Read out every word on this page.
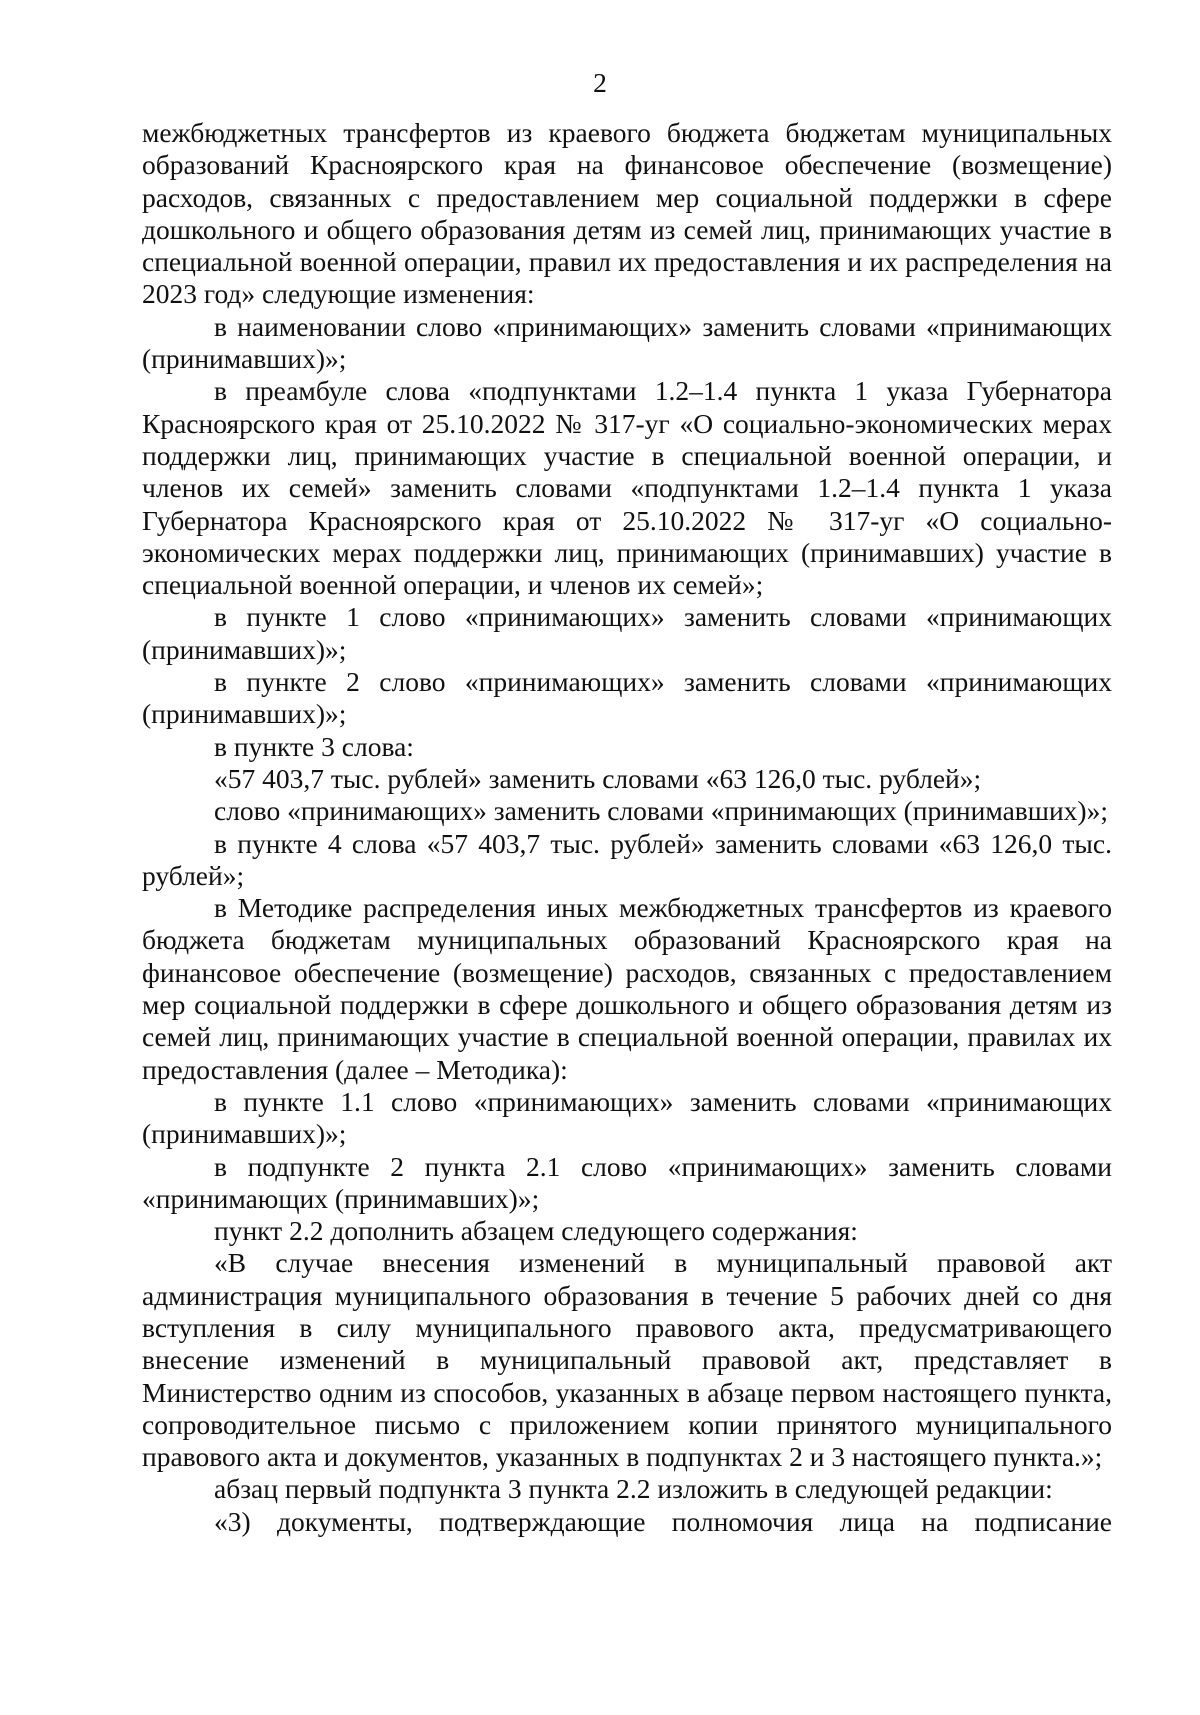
2

межбюджетных трансфертов из краевого бюджета бюджетам муниципальных образований Красноярского края на финансовое обеспечение (возмещение) расходов, связанных с предоставлением мер социальной поддержки в сфере дошкольного и общего образования детям из семей лиц, принимающих участие в специальной военной операции, правил их предоставления и их распределения на 2023 год» следующие изменения:

в наименовании слово «принимающих» заменить словами «принимающих (принимавших)»;

в преамбуле слова «подпунктами 1.2–1.4 пункта 1 указа Губернатора Красноярского края от 25.10.2022 № 317-уг «О социально-экономических мерах поддержки лиц, принимающих участие в специальной военной операции, и членов их семей» заменить словами «подпунктами 1.2–1.4 пункта 1 указа Губернатора Красноярского края от 25.10.2022 № 317-уг «О социально-экономических мерах поддержки лиц, принимающих (принимавших) участие в специальной военной операции, и членов их семей»;

в пункте 1 слово «принимающих» заменить словами «принимающих (принимавших)»;

в пункте 2 слово «принимающих» заменить словами «принимающих (принимавших)»;

в пункте 3 слова:

«57 403,7 тыс. рублей» заменить словами «63 126,0 тыс. рублей»;

слово «принимающих» заменить словами «принимающих (принимавших)»;

в пункте 4 слова «57 403,7 тыс. рублей» заменить словами «63 126,0 тыс. рублей»;

в Методике распределения иных межбюджетных трансфертов из краевого бюджета бюджетам муниципальных образований Красноярского края на финансовое обеспечение (возмещение) расходов, связанных с предоставлением мер социальной поддержки в сфере дошкольного и общего образования детям из семей лиц, принимающих участие в специальной военной операции, правилах их предоставления (далее – Методика):

в пункте 1.1 слово «принимающих» заменить словами «принимающих (принимавших)»;

в подпункте 2 пункта 2.1 слово «принимающих» заменить словами «принимающих (принимавших)»;

пункт 2.2 дополнить абзацем следующего содержания:

«В случае внесения изменений в муниципальный правовой акт администрация муниципального образования в течение 5 рабочих дней со дня вступления в силу муниципального правового акта, предусматривающего внесение изменений в муниципальный правовой акт, представляет в Министерство одним из способов, указанных в абзаце первом настоящего пункта, сопроводительное письмо с приложением копии принятого муниципального правового акта и документов, указанных в подпунктах 2 и 3 настоящего пункта.»;

абзац первый подпункта 3 пункта 2.2 изложить в следующей редакции:

«3) документы, подтверждающие полномочия лица на подписание
